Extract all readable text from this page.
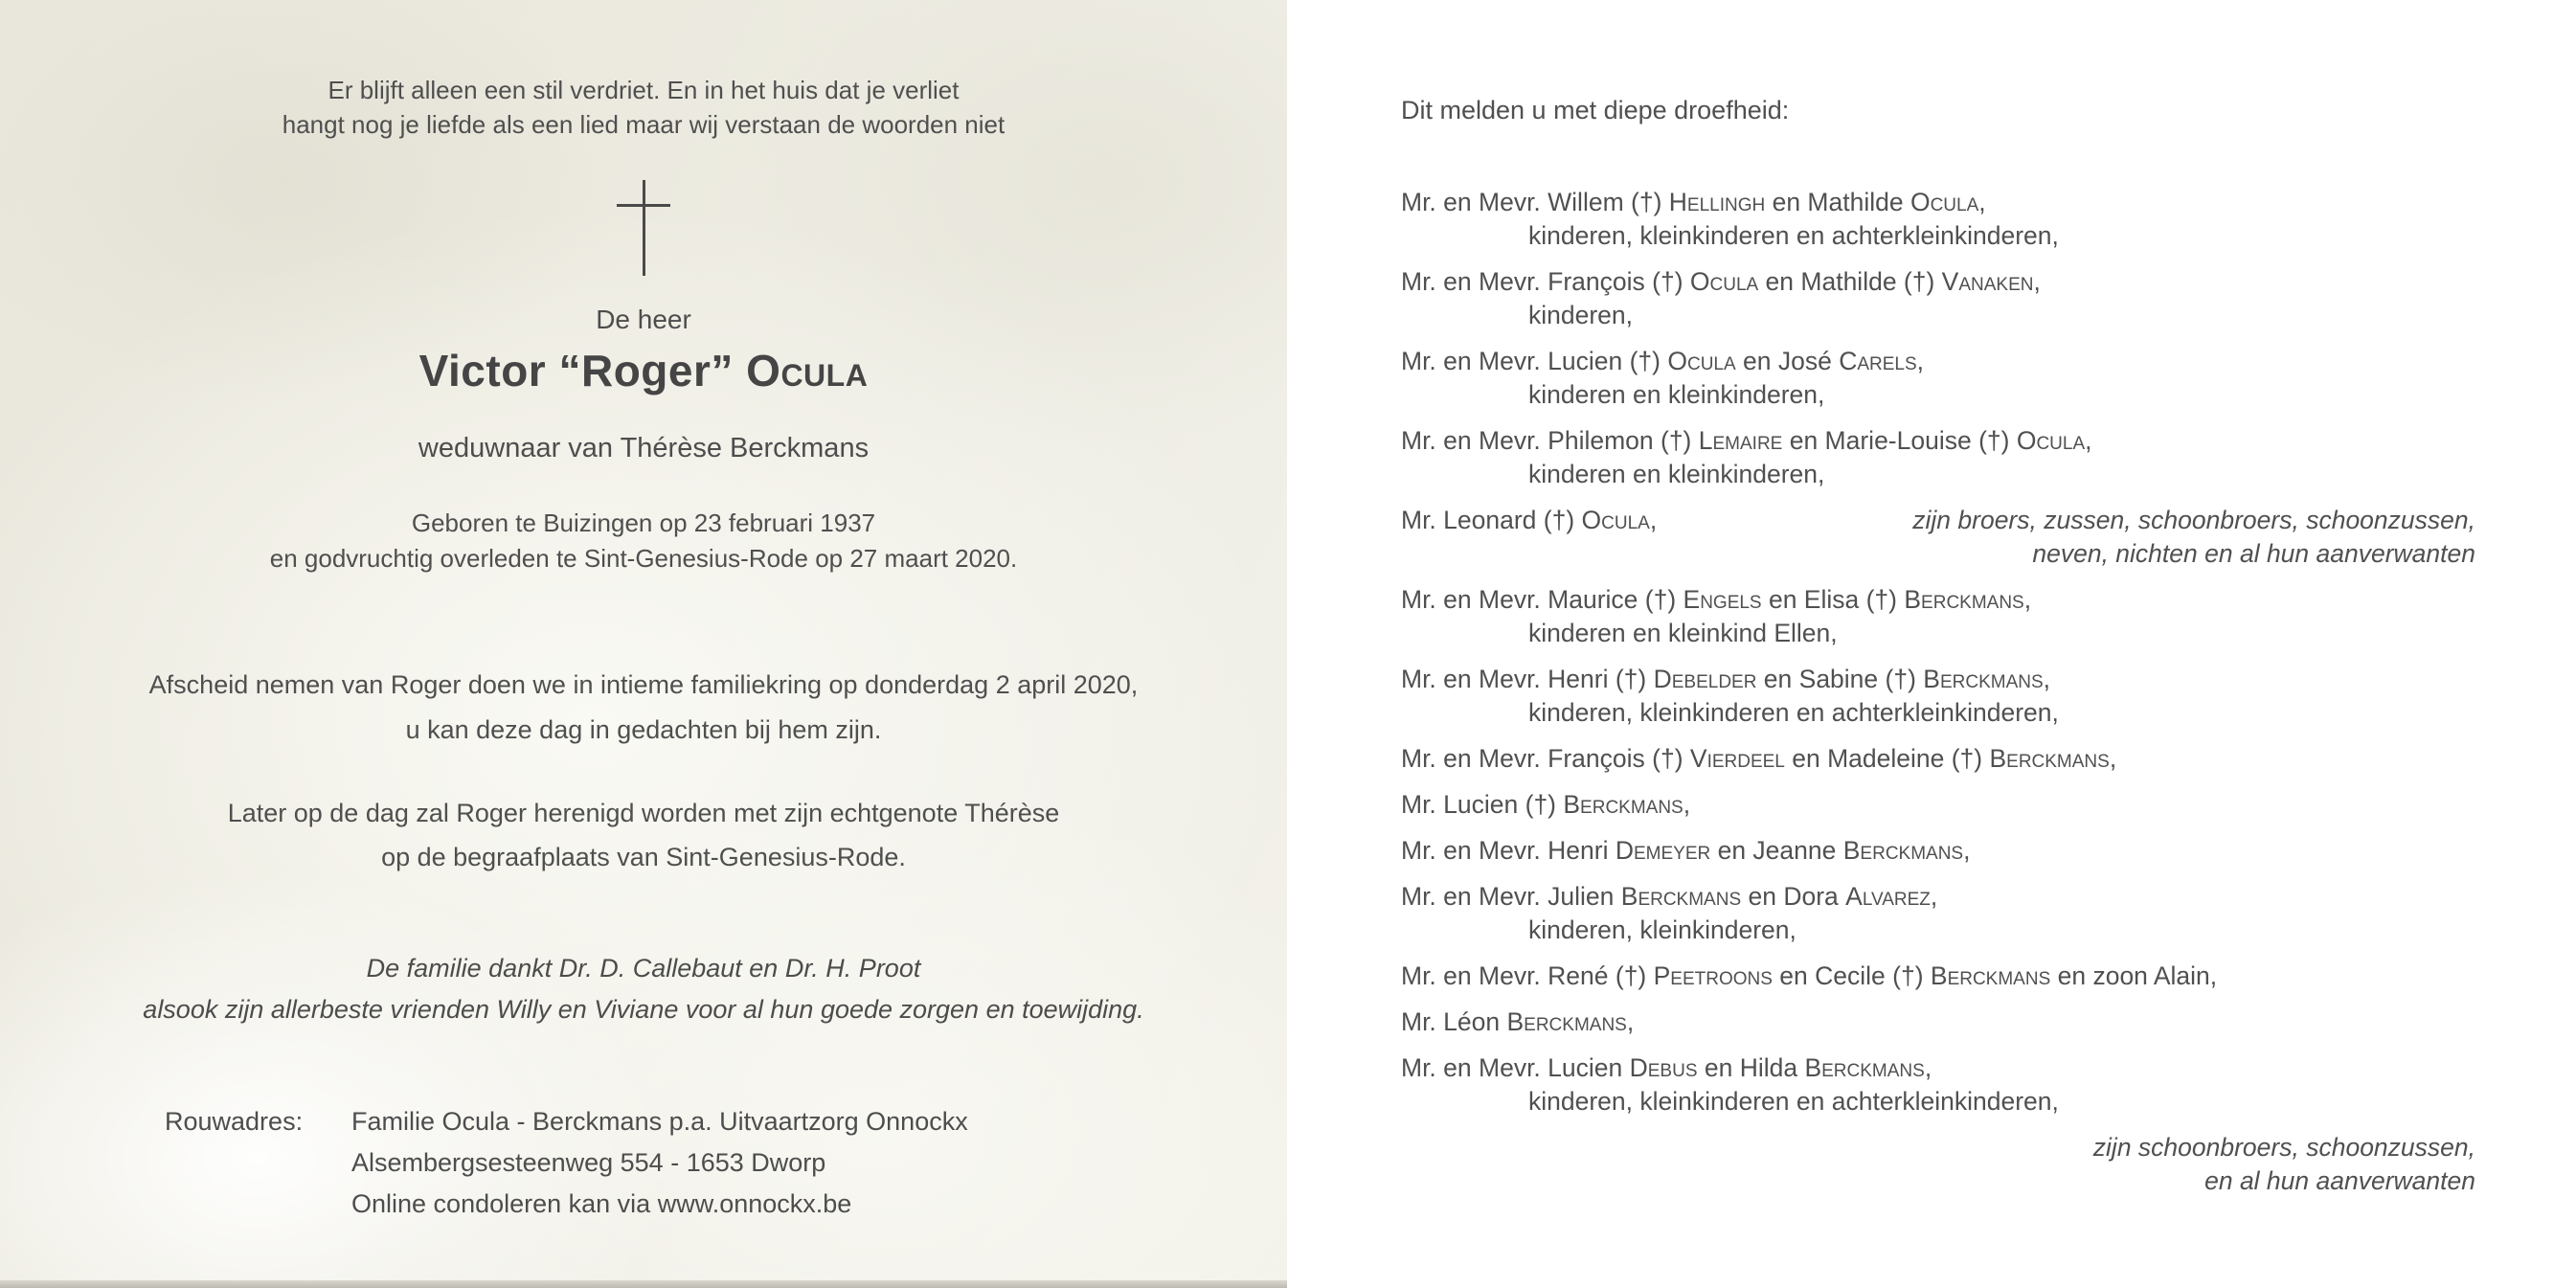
Er blijft alleen een stil verdriet. En in het huis dat je verliet
hangt nog je liefde als een lied maar wij verstaan de woorden niet
De heer
Victor “Roger” Ocula
weduwnaar van Thérèse Berckmans
Geboren te Buizingen op 23 februari 1937
en godvruchtig overleden te Sint-Genesius-Rode op 27 maart 2020.
Afscheid nemen van Roger doen we in intieme familiekring op donderdag 2 april 2020,
u kan deze dag in gedachten bij hem zijn.
Later op de dag zal Roger herenigd worden met zijn echtgenote Thérèse
op de begraafplaats van Sint-Genesius-Rode.
De familie dankt Dr. D. Callebaut en Dr. H. Proot
alsook zijn allerbeste vrienden Willy en Viviane voor al hun goede zorgen en toewijding.
Rouwadres:	Familie Ocula - Berckmans p.a. Uitvaartzorg Onnockx
Alsembergsesteenweg 554 - 1653 Dworp
Online condoleren kan via www.onnockx.be
Dit melden u met diepe droefheid:
Mr. en Mevr. Willem (†) Hellingh en Mathilde Ocula,
kinderen, kleinkinderen en achterkleinkinderen,
Mr. en Mevr. François (†) Ocula en Mathilde (†) Vanaken,
kinderen,
Mr. en Mevr. Lucien (†) Ocula en José Carels,
kinderen en kleinkinderen,
Mr. en Mevr. Philemon (†) Lemaire en Marie-Louise (†) Ocula,
kinderen en kleinkinderen,
Mr. Leonard (†) Ocula,	zijn broers, zussen, schoonbroers, schoonzussen,
neven, nichten en al hun aanverwanten
Mr. en Mevr. Maurice (†) Engels en Elisa (†) Berckmans,
kinderen en kleinkind Ellen,
Mr. en Mevr. Henri (†) Debelder en Sabine (†) Berckmans,
kinderen, kleinkinderen en achterkleinkinderen,
Mr. en Mevr. François (†) Vierdeel en Madeleine (†) Berckmans,
Mr. Lucien (†) Berckmans,
Mr. en Mevr. Henri Demeyer en Jeanne Berckmans,
Mr. en Mevr. Julien Berckmans en Dora Alvarez,
kinderen, kleinkinderen,
Mr. en Mevr. René (†) Peetroons en Cecile (†) Berckmans en zoon Alain,
Mr. Léon Berckmans,
Mr. en Mevr. Lucien Debus en Hilda Berckmans,
kinderen, kleinkinderen en achterkleinkinderen,
zijn schoonbroers, schoonzussen,
en al hun aanverwanten
